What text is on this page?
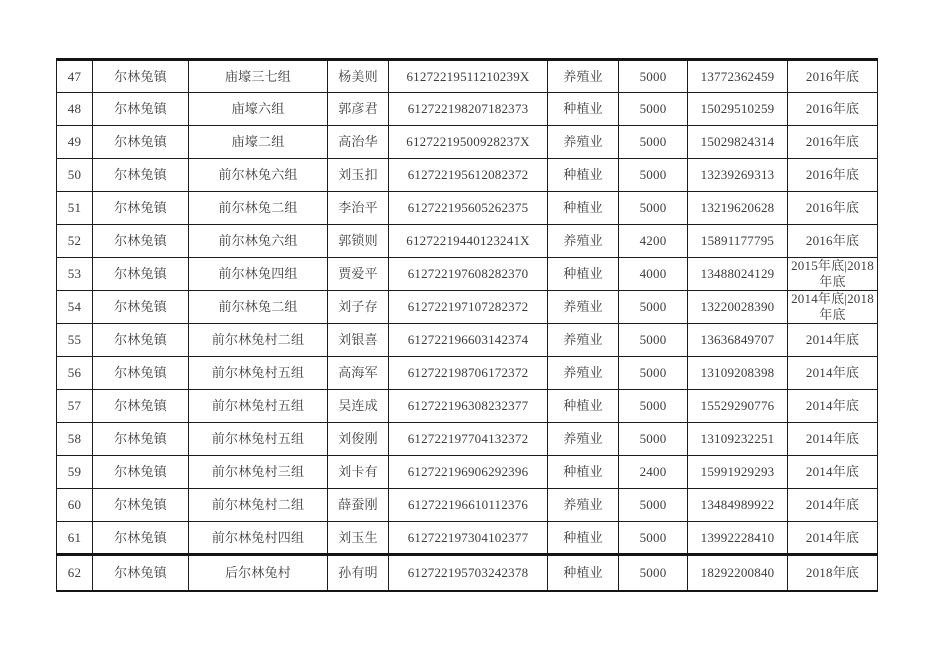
47	尔林兔镇	庙壕三七组	杨美则	61272219511210239X	养殖业	5000	13772362459	2016年底
48	尔林兔镇	庙壕六组	郭彦君	612722198207182373	种植业	5000	15029510259	2016年底
49	尔林兔镇	庙壕二组	高治华	61272219500928237X	养殖业	5000	15029824314	2016年底
50	尔林兔镇	前尔林兔六组	刘玉扣	612722195612082372	种植业	5000	13239269313	2016年底
51	尔林兔镇	前尔林兔二组	李治平	612722195605262375	种植业	5000	13219620628	2016年底
52	尔林兔镇	前尔林兔六组	郭锁则	61272219440123241X	养殖业	4200	15891177795	2016年底
53	尔林兔镇	前尔林兔四组	贾爱平	612722197608282370	种植业	4000	13488024129	2015年底|2018年底
54	尔林兔镇	前尔林兔二组	刘子存	612722197107282372	养殖业	5000	13220028390	2014年底|2018年底
55	尔林兔镇	前尔林兔村二组	刘银喜	612722196603142374	养殖业	5000	13636849707	2014年底
56	尔林兔镇	前尔林兔村五组	高海军	612722198706172372	养殖业	5000	13109208398	2014年底
57	尔林兔镇	前尔林兔村五组	吴连成	612722196308232377	种植业	5000	15529290776	2014年底
58	尔林兔镇	前尔林兔村五组	刘俊刚	612722197704132372	养殖业	5000	13109232251	2014年底
59	尔林兔镇	前尔林兔村三组	刘卡有	612722196906292396	种植业	2400	15991929293	2014年底
60	尔林兔镇	前尔林兔村二组	薛蚕刚	612722196610112376	养殖业	5000	13484989922	2014年底
61	尔林兔镇	前尔林兔村四组	刘玉生	612722197304102377	种植业	5000	13992228410	2014年底
62	尔林兔镇	后尔林兔村	孙有明	612722195703242378	种植业	5000	18292200840	2018年底
